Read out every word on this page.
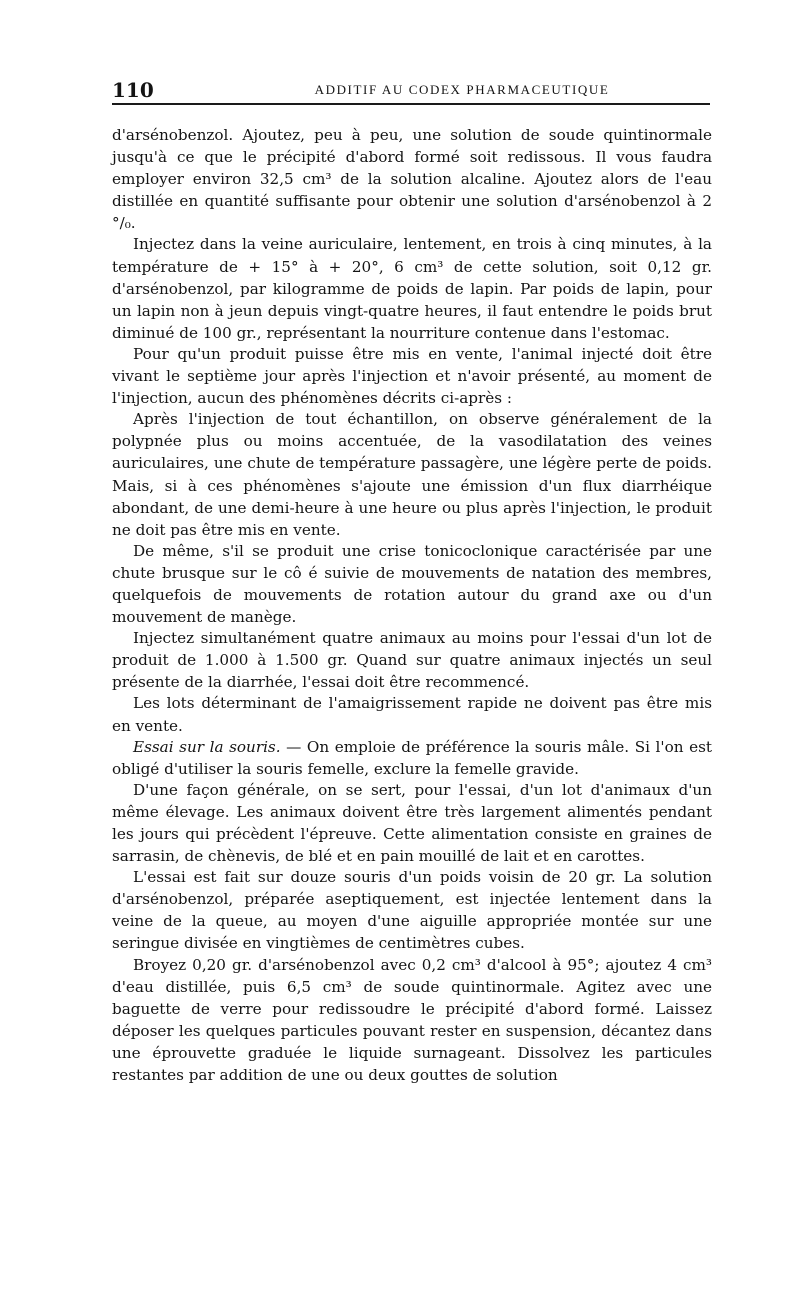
110	ADDITIF AU CODEX PHARMACEUTIQUE

d'arsénobenzol. Ajoutez, peu à peu, une solution de soude quintinormale jusqu'à ce que le précipité d'abord formé soit redissous. Il vous faudra employer environ 32,5 cm³ de la solution alcaline. Ajoutez alors de l'eau distillée en quantité suffisante pour obtenir une solution d'arsénobenzol à 2 °/₀.

Injectez dans la veine auriculaire, lentement, en trois à cinq minutes, à la température de + 15° à + 20°, 6 cm³ de cette solution, soit 0,12 gr. d'arsénobenzol, par kilogramme de poids de lapin. Par poids de lapin, pour un lapin non à jeun depuis vingt-quatre heures, il faut entendre le poids brut diminué de 100 gr., représentant la nourriture contenue dans l'estomac.

Pour qu'un produit puisse être mis en vente, l'animal injecté doit être vivant le septième jour après l'injection et n'avoir présenté, au moment de l'injection, aucun des phénomènes décrits ci-après :

Après l'injection de tout échantillon, on observe généralement de la polypnée plus ou moins accentuée, de la vasodilatation des veines auriculaires, une chute de température passagère, une légère perte de poids. Mais, si à ces phénomènes s'ajoute une émission d'un flux diarrhéique abondant, de une demi-heure à une heure ou plus après l'injection, le produit ne doit pas être mis en vente.

De même, s'il se produit une crise tonicoclonique caractérisée par une chute brusque sur le cô é suivie de mouvements de natation des membres, quelquefois de mouvements de rotation autour du grand axe ou d'un mouvement de manège.

Injectez simultanément quatre animaux au moins pour l'essai d'un lot de produit de 1.000 à 1.500 gr. Quand sur quatre animaux injectés un seul présente de la diarrhée, l'essai doit être recommencé.

Les lots déterminant de l'amaigrissement rapide ne doivent pas être mis en vente.

Essai sur la souris. — On emploie de préférence la souris mâle. Si l'on est obligé d'utiliser la souris femelle, exclure la femelle gravide.

D'une façon générale, on se sert, pour l'essai, d'un lot d'animaux d'un même élevage. Les animaux doivent être très largement alimentés pendant les jours qui précèdent l'épreuve. Cette alimentation consiste en graines de sarrasin, de chènevis, de blé et en pain mouillé de lait et en carottes.

L'essai est fait sur douze souris d'un poids voisin de 20 gr. La solution d'arsénobenzol, préparée aseptiquement, est injectée lentement dans la veine de la queue, au moyen d'une aiguille appropriée montée sur une seringue divisée en vingtièmes de centimètres cubes.

Broyez 0,20 gr. d'arsénobenzol avec 0,2 cm³ d'alcool à 95°; ajoutez 4 cm³ d'eau distillée, puis 6,5 cm³ de soude quintinormale. Agitez avec une baguette de verre pour redissoudre le précipité d'abord formé. Laissez déposer les quelques particules pouvant rester en suspension, décantez dans une éprouvette graduée le liquide surnageant. Dissolvez les particules restantes par addition de une ou deux gouttes de solution
